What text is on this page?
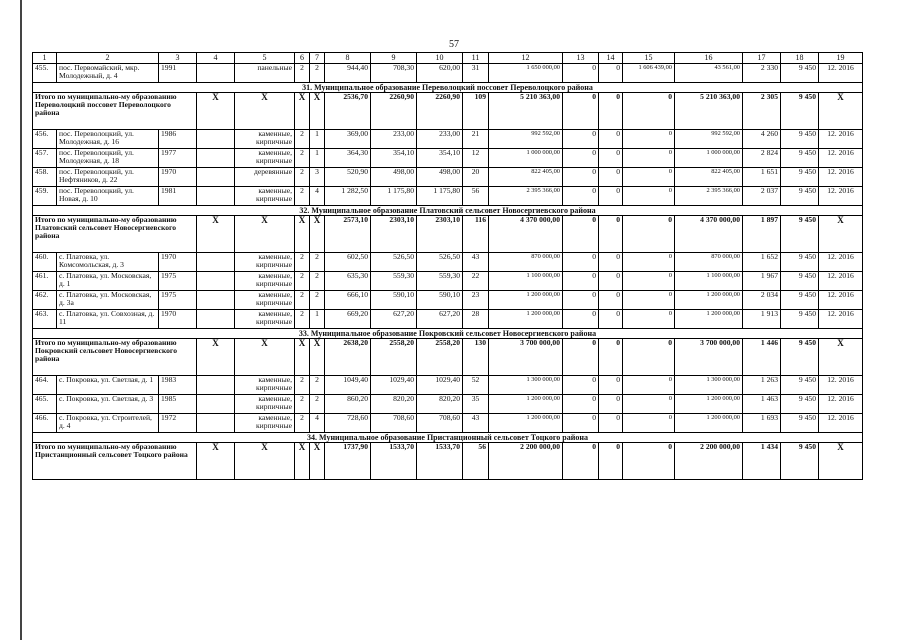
57
1	2	3	4	5	6	7	8	9	10	11	12	13	14	15	16	17	18	19
455.	пос. Первомайский, мкр. Молодежный, д. 4	1991		панельные	2	2	944,40	708,30	620,00	31	1 650 000,00	0	0	1 606 439,00	43 561,00	2 330	9 450	12. 2016
31. Муниципальное образование Переволоцкий поссовет Переволоцкого района																		
Итого по муниципально-му образованию Переволоцкий поссовет Переволоцкого района			X	X	X	X	2536,70	2260,90	2260,90	109	5 210 363,00	0	0	0	5 210 363,00	2 305	9 450	X
456.	пос. Переволоцкий, ул. Молодежная, д. 16	1986		каменные, кирпичные	2	1	369,00	233,00	233,00	21	992 592,00	0	0	0	992 592,00	4 260	9 450	12. 2016
457.	пос. Переволоцкий, ул. Молодежная, д. 18	1977		каменные, кирпичные	2	1	364,30	354,10	354,10	12	1 000 000,00	0	0	0	1 000 000,00	2 824	9 450	12. 2016
458.	пос. Переволоцкий, ул. Нефтяников, д. 22	1970		деревянные	2	3	520,90	498,00	498,00	20	822 405,00	0	0	0	822 405,00	1 651	9 450	12. 2016
459.	пос. Переволоцкий, ул. Новая, д. 10	1981		каменные, кирпичные	2	4	1 282,50	1 175,80	1 175,80	56	2 395 366,00	0	0	0	2 395 366,00	2 037	9 450	12. 2016
32. Муниципальное образование Платовский сельсовет Новосергиевского района																		
Итого по муниципально-му образованию Платовский сельсовет Новосергиевского района			X	X	X	X	2573,10	2303,10	2303,10	116	4 370 000,00	0	0	0	4 370 000,00	1 897	9 450	X
460.	с. Платовка, ул. Комсомольская, д. 3	1970		каменные, кирпичные	2	2	602,50	526,50	526,50	43	870 000,00	0	0	0	870 000,00	1 652	9 450	12. 2016
461.	с. Платовка, ул. Московская, д. 1	1975		каменные, кирпичные	2	2	635,30	559,30	559,30	22	1 100 000,00	0	0	0	1 100 000,00	1 967	9 450	12. 2016
462.	с. Платовка, ул. Московская, д. 3а	1975		каменные, кирпичные	2	2	666,10	590,10	590,10	23	1 200 000,00	0	0	0	1 200 000,00	2 034	9 450	12. 2016
463.	с. Платовка, ул. Совхозная, д. 11	1970		каменные, кирпичные	2	1	669,20	627,20	627,20	28	1 200 000,00	0	0	0	1 200 000,00	1 913	9 450	12. 2016
33. Муниципальное образование Покровский сельсовет Новосергиевского района																		
Итого по муниципально-му образованию Покровский сельсовет Новосергиевского района			X	X	X	X	2638,20	2558,20	2558,20	130	3 700 000,00	0	0	0	3 700 000,00	1 446	9 450	X
464.	с. Покровка, ул. Светлая, д. 1	1983		каменные, кирпичные	2	2	1049,40	1029,40	1029,40	52	1 300 000,00	0	0	0	1 300 000,00	1 263	9 450	12. 2016
465.	с. Покровка, ул. Светлая, д. 3	1985		каменные, кирпичные	2	2	860,20	820,20	820,20	35	1 200 000,00	0	0	0	1 200 000,00	1 463	9 450	12. 2016
466.	с. Покровка, ул. Строителей, д. 4	1972		каменные, кирпичные	2	4	728,60	708,60	708,60	43	1 200 000,00	0	0	0	1 200 000,00	1 693	9 450	12. 2016
34. Муниципальное образование Пристанционный сельсовет Тоцкого района																		
Итого по муниципально-му образованию Пристанционный сельсовет Тоцкого района			X	X	X	X	1737,90	1533,70	1533,70	56	2 200 000,00	0	0	0	2 200 000,00	1 434	9 450	X
